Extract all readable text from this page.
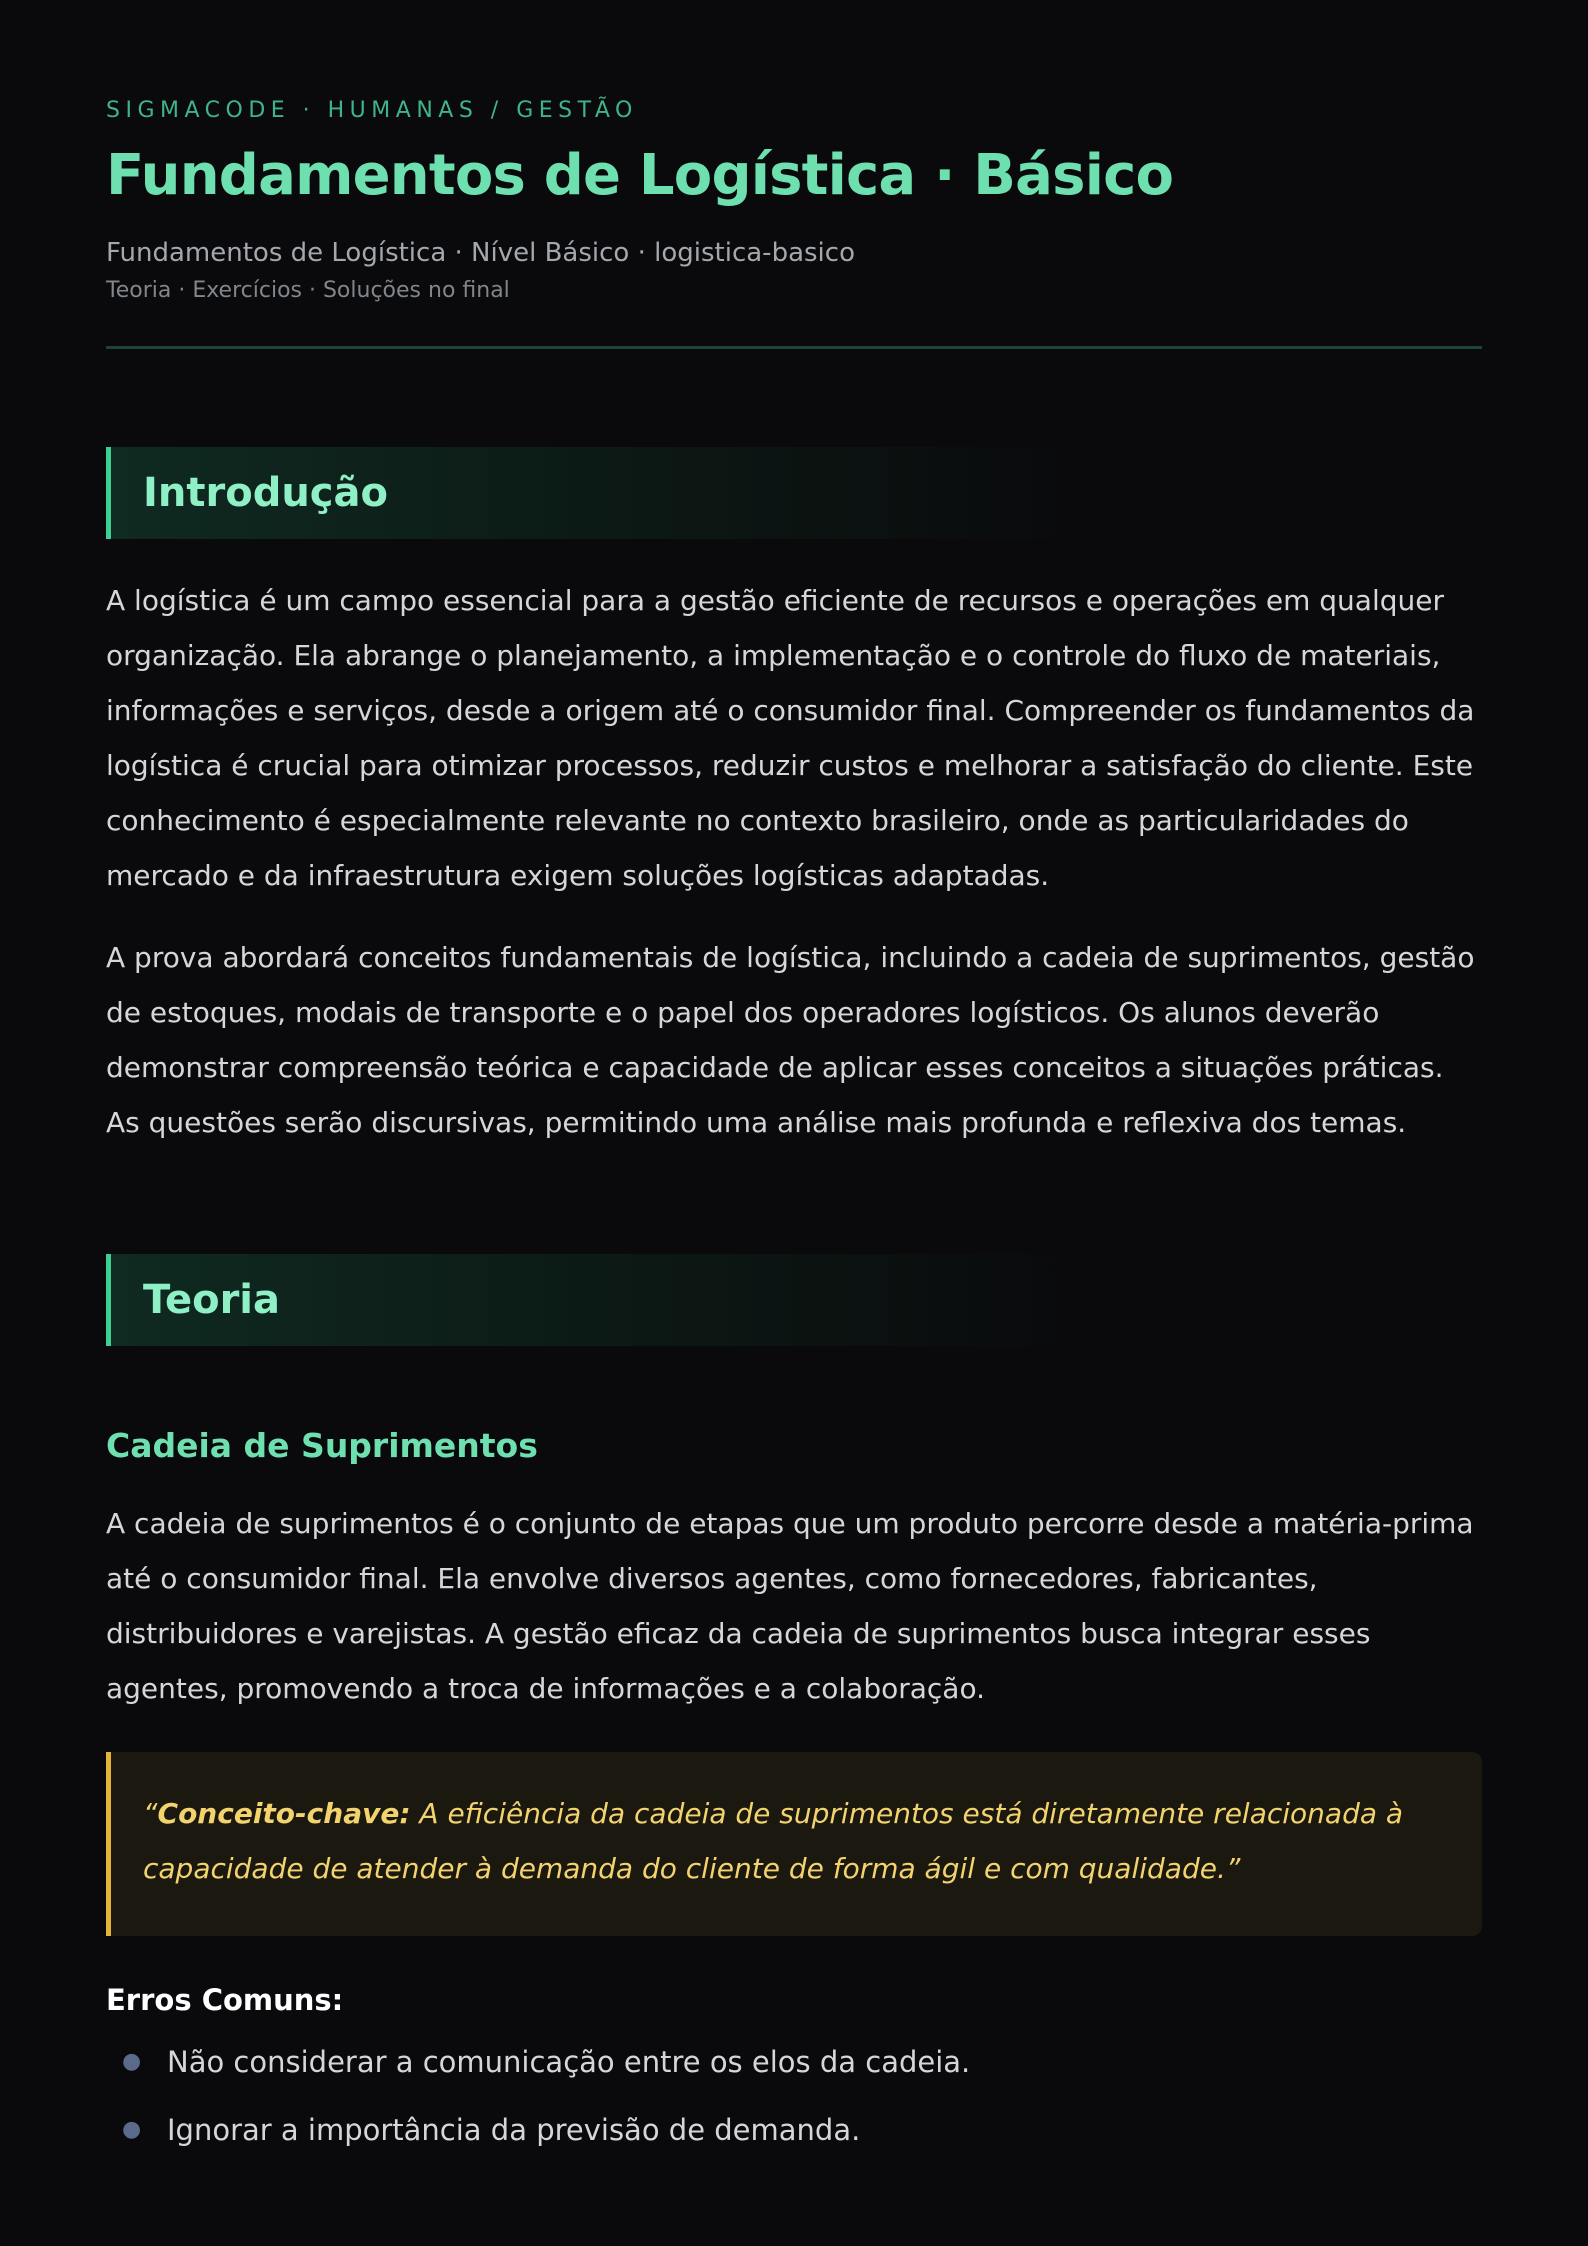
SIGMACODE · HUMANAS / GESTÃO
Fundamentos de Logística · Básico
Fundamentos de Logística · Nível Básico · logistica-basico
Teoria · Exercícios · Soluções no final
Introdução

A logística é um campo essencial para a gestão eficiente de recursos e operações em qualquer organização. Ela abrange o planejamento, a implementação e o controle do fluxo de materiais, informações e serviços, desde a origem até o consumidor final. Compreender os fundamentos da logística é crucial para otimizar processos, reduzir custos e melhorar a satisfação do cliente. Este conhecimento é especialmente relevante no contexto brasileiro, onde as particularidades do mercado e da infraestrutura exigem soluções logísticas adaptadas.

A prova abordará conceitos fundamentais de logística, incluindo a cadeia de suprimentos, gestão de estoques, modais de transporte e o papel dos operadores logísticos. Os alunos deverão demonstrar compreensão teórica e capacidade de aplicar esses conceitos a situações práticas. As questões serão discursivas, permitindo uma análise mais profunda e reflexiva dos temas.

Teoria
Cadeia de Suprimentos

A cadeia de suprimentos é o conjunto de etapas que um produto percorre desde a matéria-prima até o consumidor final. Ela envolve diversos agentes, como fornecedores, fabricantes, distribuidores e varejistas. A gestão eficaz da cadeia de suprimentos busca integrar esses agentes, promovendo a troca de informações e a colaboração.

“Conceito-chave: A eficiência da cadeia de suprimentos está diretamente relacionada à capacidade de atender à demanda do cliente de forma ágil e com qualidade.”
Erros Comuns:
● Não considerar a comunicação entre os elos da cadeia.
● Ignorar a importância da previsão de demanda.
